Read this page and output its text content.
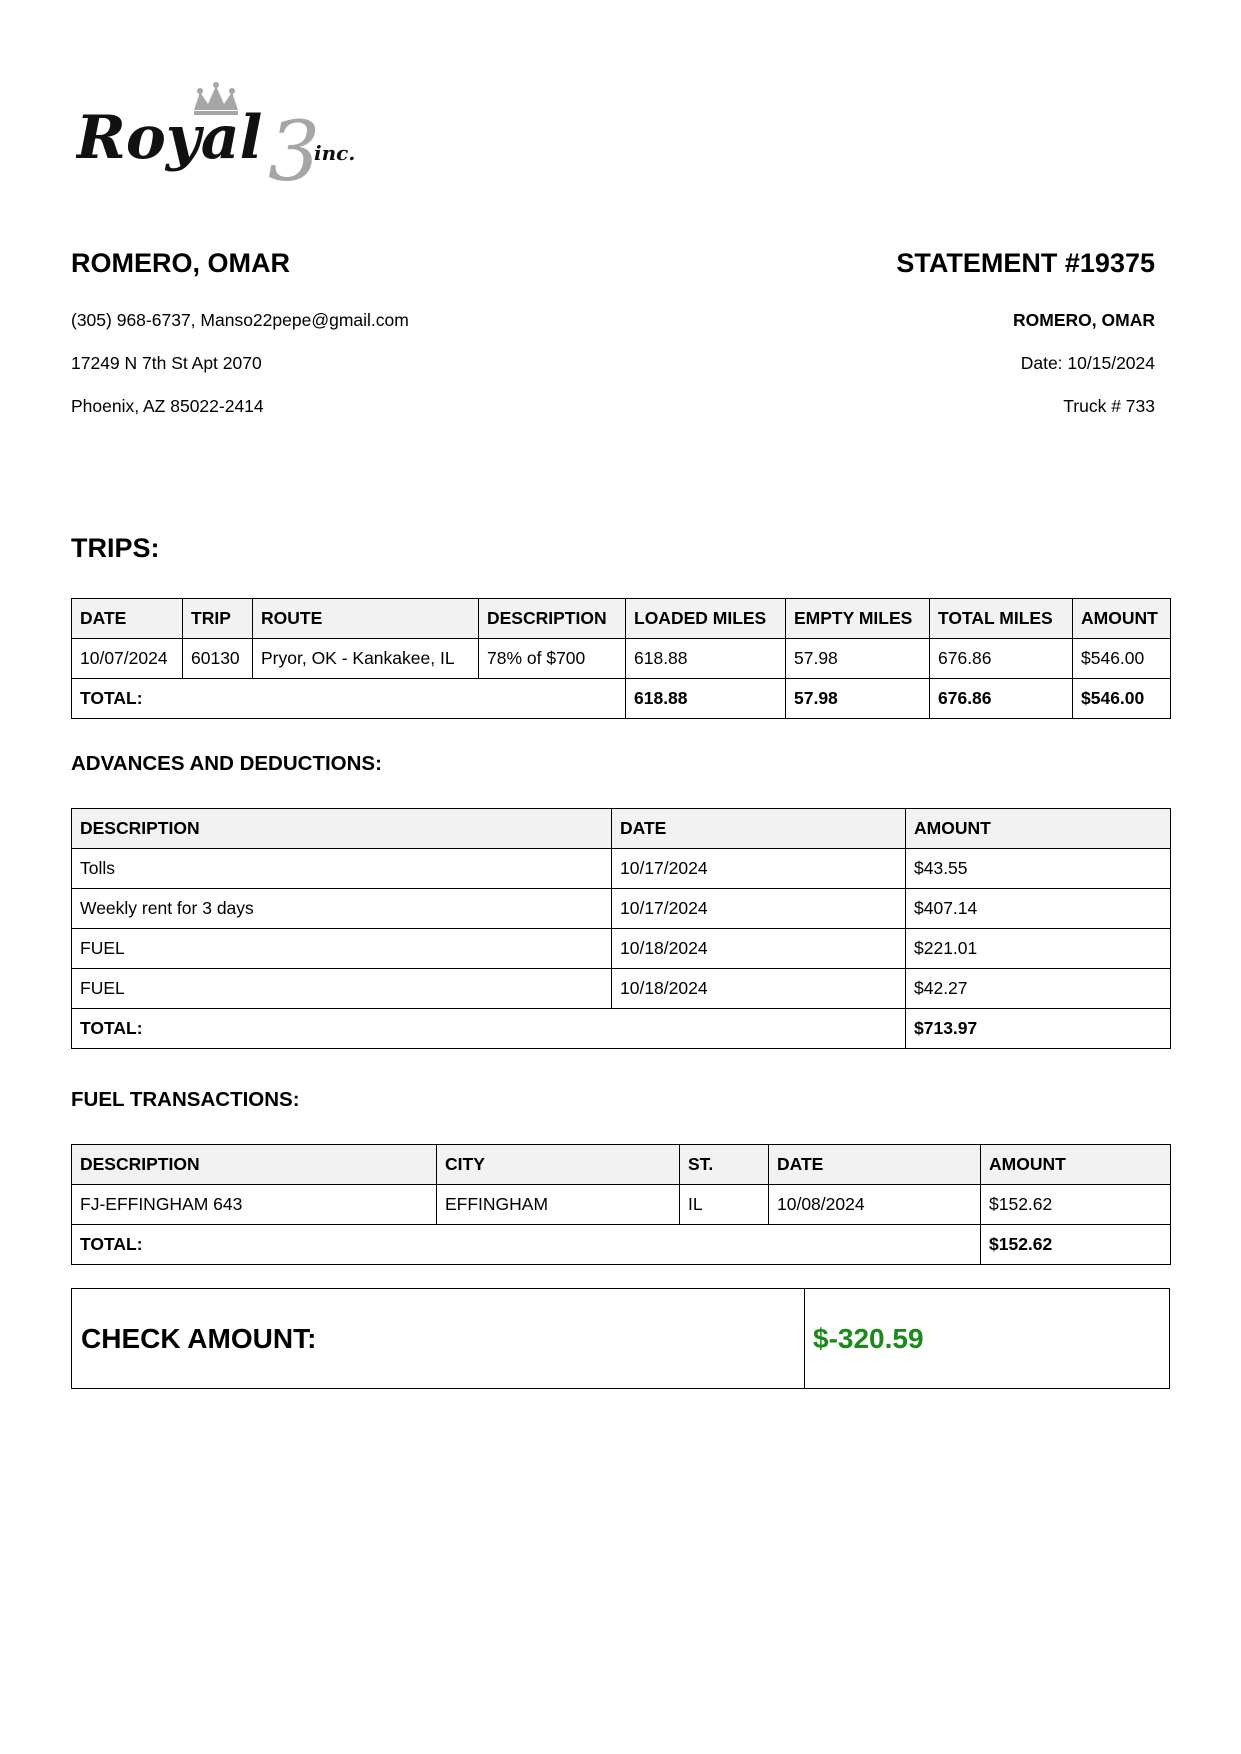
Royal 3
inc.
ROMERO, OMAR
(305) 968-6737, Manso22pepe@gmail.com
17249 N 7th St Apt 2070
Phoenix, AZ 85022-2414
STATEMENT #19375
ROMERO, OMAR
Date: 10/15/2024
Truck # 733
TRIPS:
DATE	TRIP	ROUTE	DESCRIPTION	LOADED MILES	EMPTY MILES	TOTAL MILES	AMOUNT
10/07/2024	60130	Pryor, OK - Kankakee, IL	78% of $700	618.88	57.98	676.86	$546.00
TOTAL:				618.88	57.98	676.86	$546.00
ADVANCES AND DEDUCTIONS:
DESCRIPTION	DATE	AMOUNT
Tolls	10/17/2024	$43.55
Weekly rent for 3 days	10/17/2024	$407.14
FUEL	10/18/2024	$221.01
FUEL	10/18/2024	$42.27
TOTAL:		$713.97
FUEL TRANSACTIONS:
DESCRIPTION	CITY	ST.	DATE	AMOUNT
FJ-EFFINGHAM 643	EFFINGHAM	IL	10/08/2024	$152.62
TOTAL:				$152.62
CHECK AMOUNT:	$-320.59
